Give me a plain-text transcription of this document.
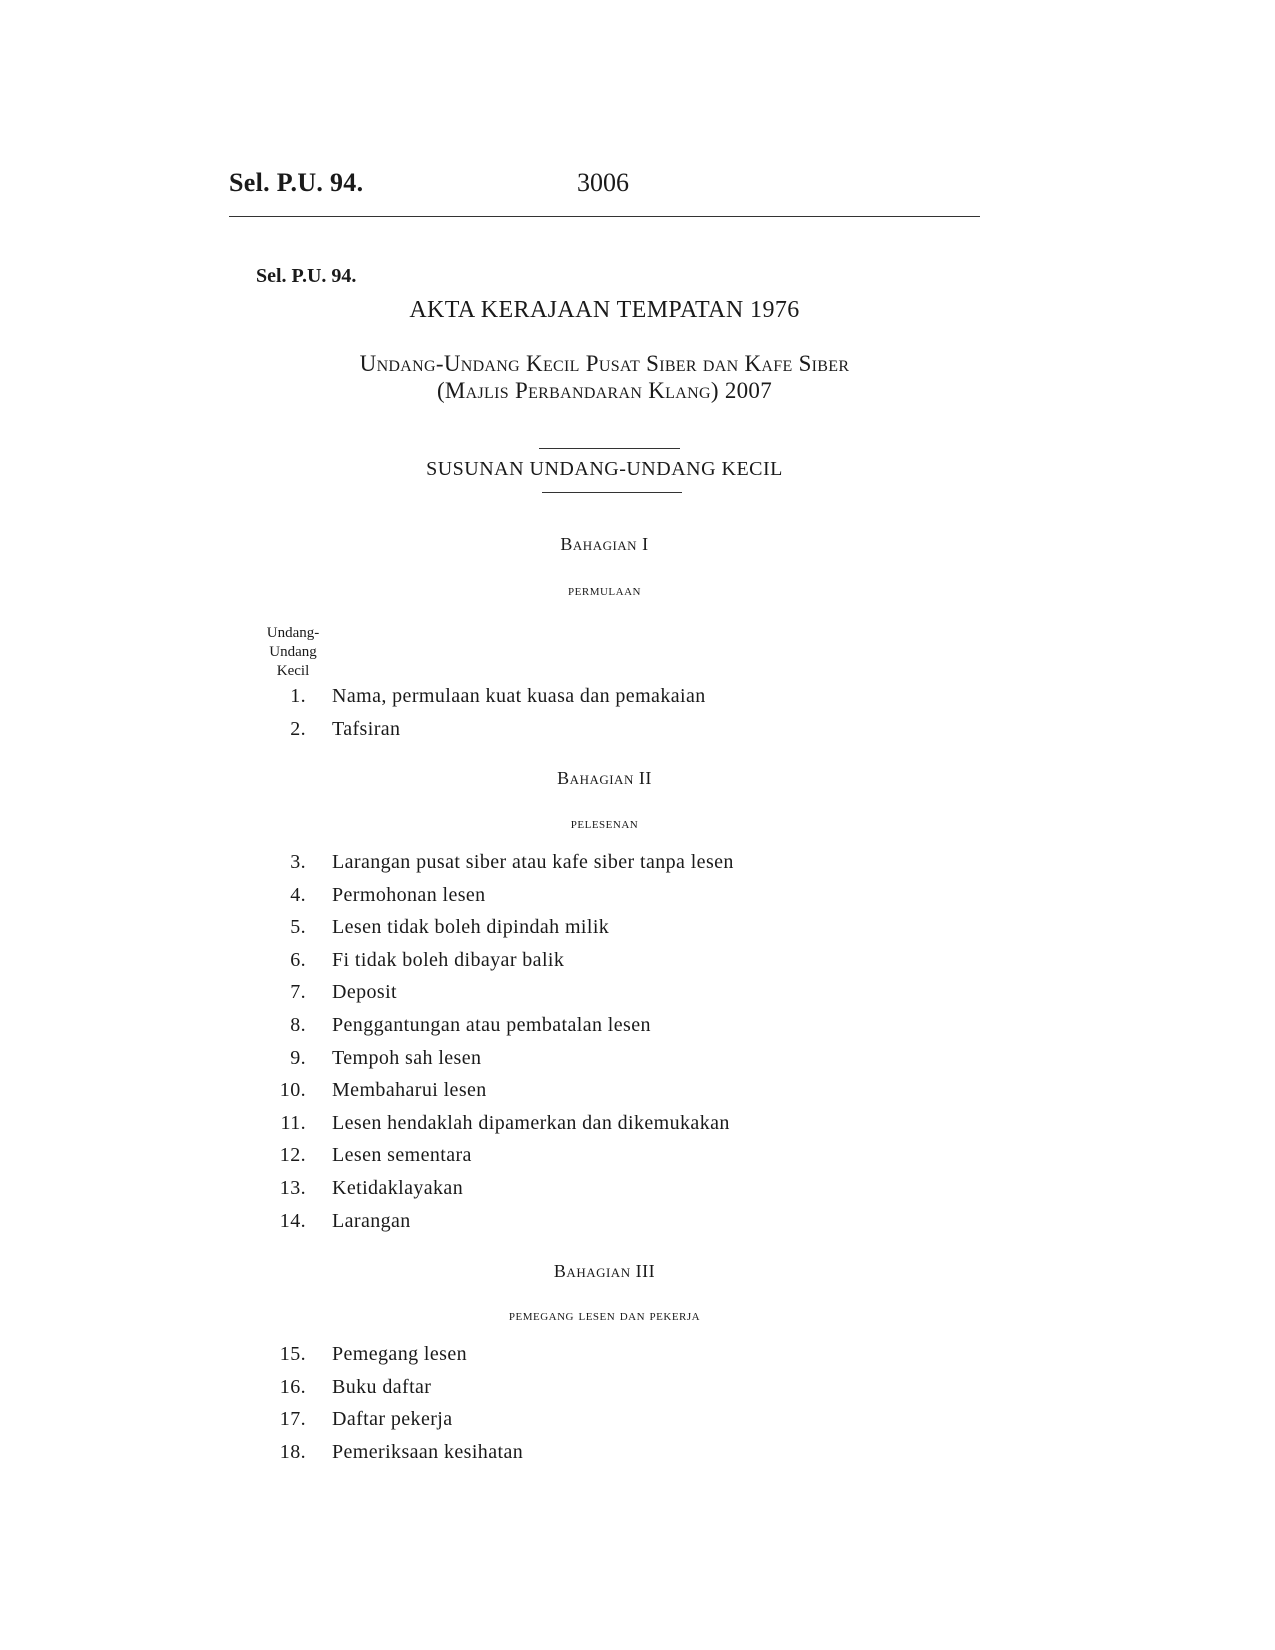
Sel. P.U. 94.	3006
Sel. P.U. 94.
AKTA KERAJAAN TEMPATAN 1976
Undang-Undang Kecil Pusat Siber dan Kafe Siber
(Majlis Perbandaran Klang) 2007
SUSUNAN UNDANG-UNDANG KECIL
Bahagian I
permulaan
Undang-
Undang
Kecil
1. Nama, permulaan kuat kuasa dan pemakaian
2. Tafsiran
Bahagian II
pelesenan
3. Larangan pusat siber atau kafe siber tanpa lesen
4. Permohonan lesen
5. Lesen tidak boleh dipindah milik
6. Fi tidak boleh dibayar balik
7. Deposit
8. Penggantungan atau pembatalan lesen
9. Tempoh sah lesen
10. Membaharui lesen
11. Lesen hendaklah dipamerkan dan dikemukakan
12. Lesen sementara
13. Ketidaklayakan
14. Larangan
Bahagian III
pemegang lesen dan pekerja
15. Pemegang lesen
16. Buku daftar
17. Daftar pekerja
18. Pemeriksaan kesihatan
